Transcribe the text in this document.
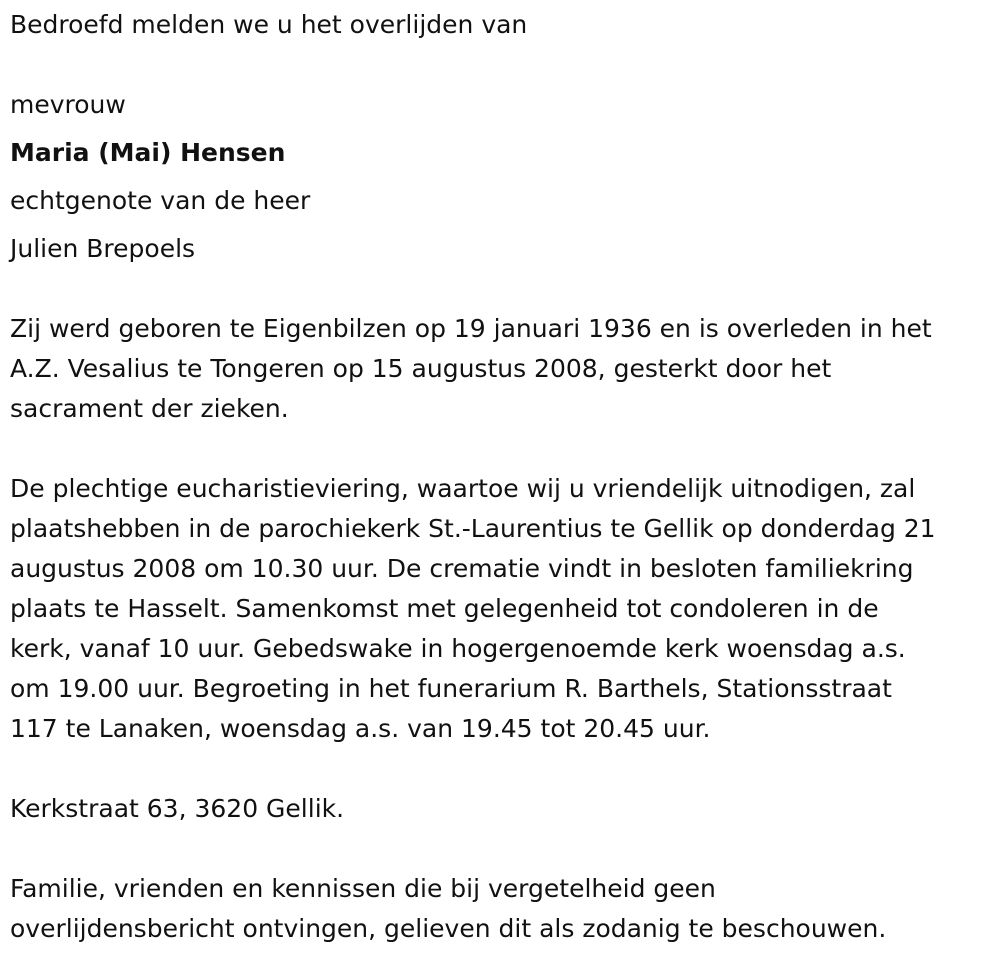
Bedroefd melden we u het overlijden van

mevrouw

Maria (Mai) Hensen

echtgenote van de heer

Julien Brepoels

Zij werd geboren te Eigenbilzen op 19 januari 1936 en is overleden in het
A.Z. Vesalius te Tongeren op 15 augustus 2008, gesterkt door het
sacrament der zieken.
De plechtige eucharistieviering, waartoe wij u vriendelijk uitnodigen, zal
plaatshebben in de parochiekerk St.-Laurentius te Gellik op donderdag 21
augustus 2008 om 10.30 uur. De crematie vindt in besloten familiekring
plaats te Hasselt. Samenkomst met gelegenheid tot condoleren in de
kerk, vanaf 10 uur. Gebedswake in hogergenoemde kerk woensdag a.s.
om 19.00 uur. Begroeting in het funerarium R. Barthels, Stationsstraat
117 te Lanaken, woensdag a.s. van 19.45 tot 20.45 uur.

Kerkstraat 63, 3620 Gellik.

Familie, vrienden en kennissen die bij vergetelheid geen
overlijdensbericht ontvingen, gelieven dit als zodanig te beschouwen.
